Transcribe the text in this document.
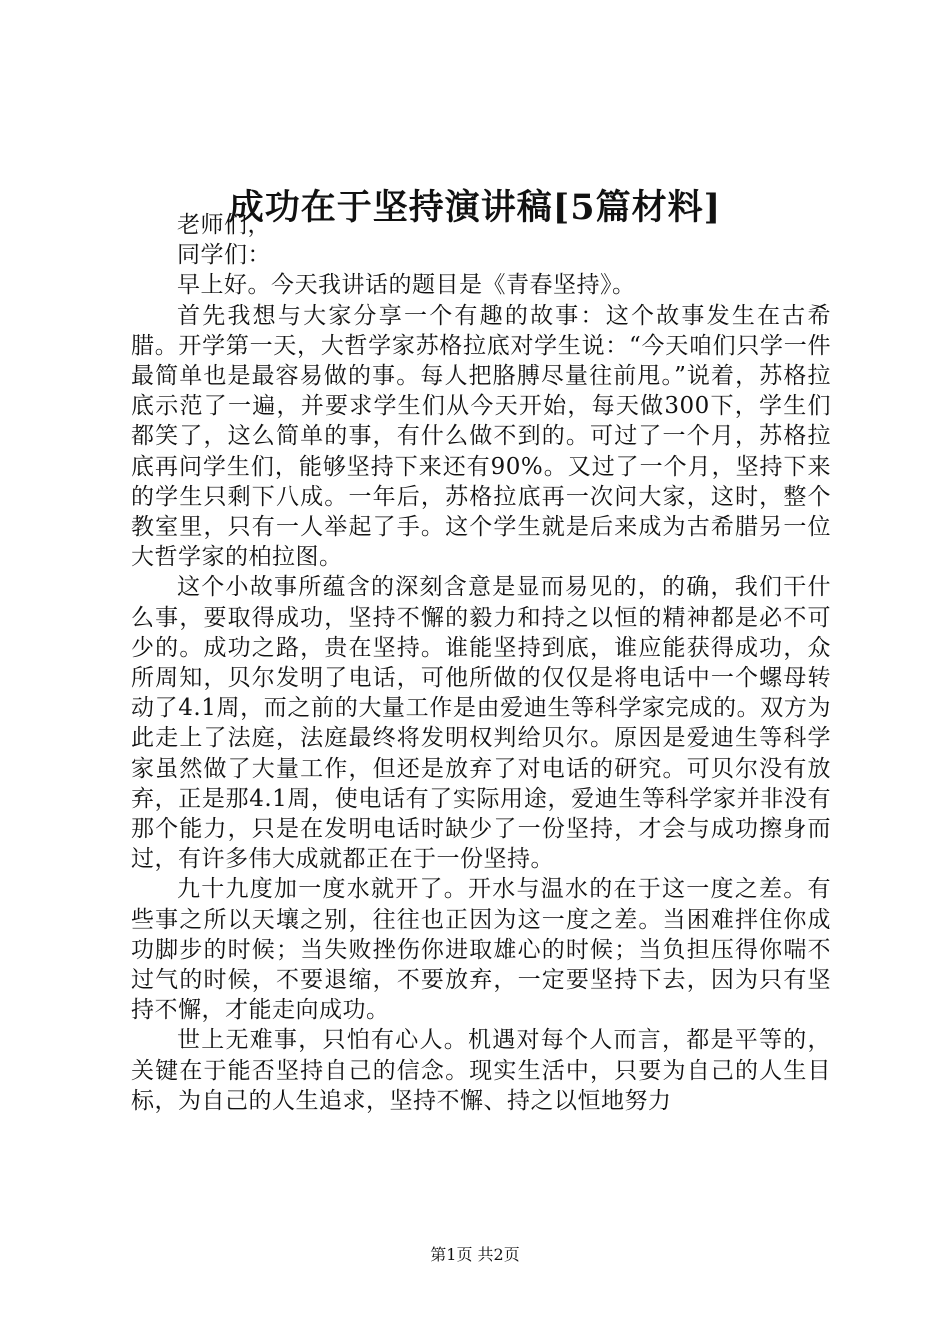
成功在于坚持演讲稿[5篇材料]

老师们，

同学们：

早上好。今天我讲话的题目是《青春坚持》。

首先我想与大家分享一个有趣的故事：这个故事发生在古希腊。开学第一天，大哲学家苏格拉底对学生说：“今天咱们只学一件最简单也是最容易做的事。每人把胳膊尽量往前甩。”说着，苏格拉底示范了一遍，并要求学生们从今天开始，每天做300下，学生们都笑了，这么简单的事，有什么做不到的。可过了一个月，苏格拉底再问学生们，能够坚持下来还有90%。又过了一个月，坚持下来的学生只剩下八成。一年后，苏格拉底再一次问大家，这时，整个教室里，只有一人举起了手。这个学生就是后来成为古希腊另一位大哲学家的柏拉图。

这个小故事所蕴含的深刻含意是显而易见的，的确，我们干什么事，要取得成功，坚持不懈的毅力和持之以恒的精神都是必不可少的。成功之路，贵在坚持。谁能坚持到底，谁应能获得成功，众所周知，贝尔发明了电话，可他所做的仅仅是将电话中一个螺母转动了4.1周，而之前的大量工作是由爱迪生等科学家完成的。双方为此走上了法庭，法庭最终将发明权判给贝尔。原因是爱迪生等科学家虽然做了大量工作，但还是放弃了对电话的研究。可贝尔没有放弃，正是那4.1周，使电话有了实际用途，爱迪生等科学家并非没有那个能力，只是在发明电话时缺少了一份坚持，才会与成功擦身而过，有许多伟大成就都正在于一份坚持。

九十九度加一度水就开了。开水与温水的在于这一度之差。有些事之所以天壤之别，往往也正因为这一度之差。当困难拌住你成功脚步的时候；当失败挫伤你进取雄心的时候；当负担压得你喘不过气的时候，不要退缩，不要放弃，一定要坚持下去，因为只有坚持不懈，才能走向成功。

世上无难事，只怕有心人。机遇对每个人而言，都是平等的，关键在于能否坚持自己的信念。现实生活中，只要为自己的人生目标，为自己的人生追求，坚持不懈、持之以恒地努力

第1页 共2页
